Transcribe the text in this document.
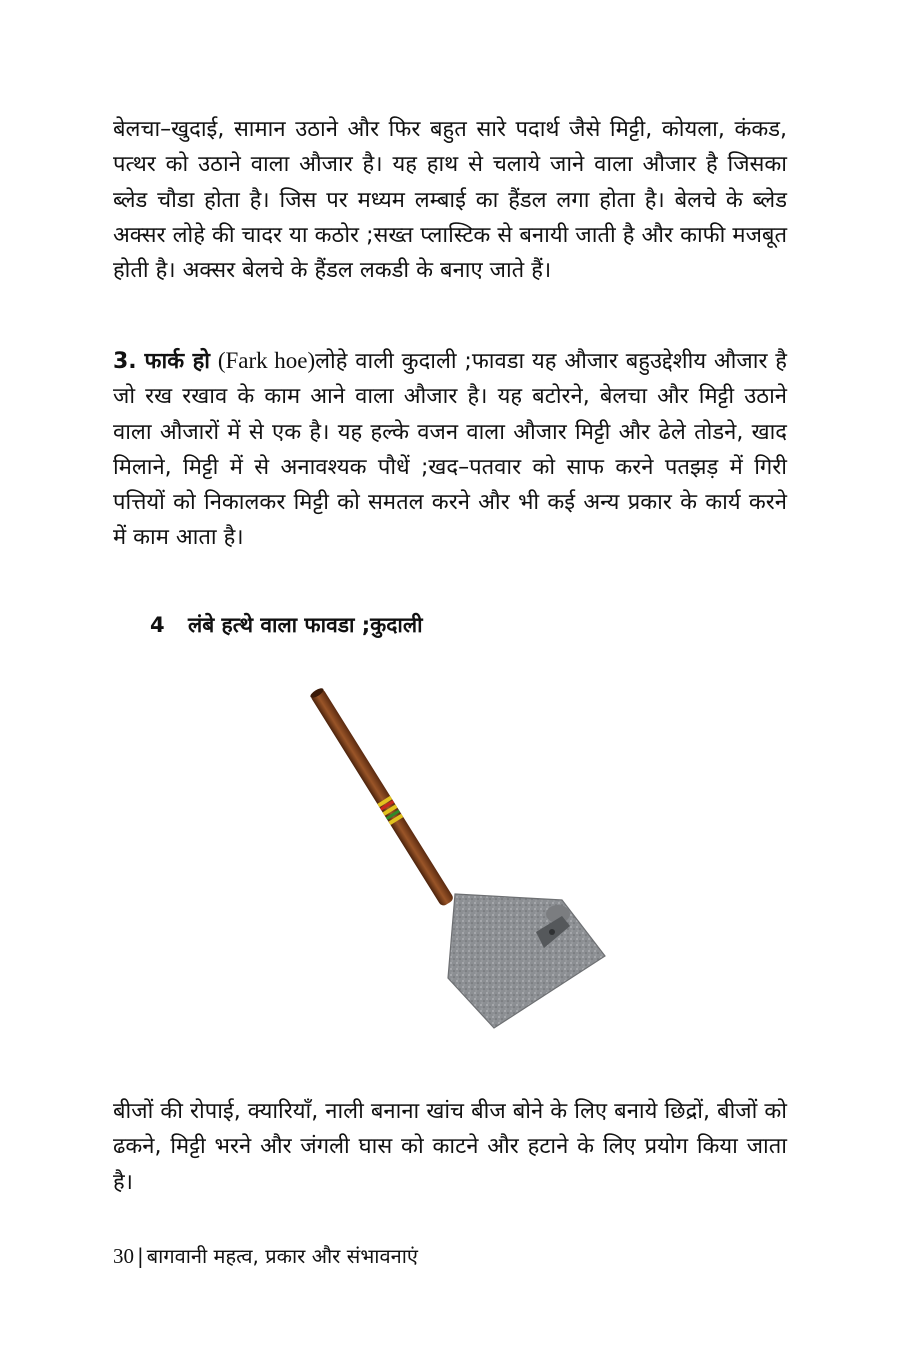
बेलचा–खुदाई, सामान उठाने और फिर बहुत सारे पदार्थ जैसे मिट्टी, कोयला, कंकड, पत्थर को उठाने वाला औजार है। यह हाथ से चलाये जाने वाला औजार है जिसका ब्लेड चौडा होता है। जिस पर मध्यम लम्बाई का हैंडल लगा होता है। बेलचे के ब्लेड अक्सर लोहे की चादर या कठोर ;सख्त प्लास्टिक से बनायी जाती है और काफी मजबूत होती है। अक्सर बेलचे के हैंडल लकडी के बनाए जाते हैं।

3. फार्क हो (Fark hoe)लोहे वाली कुदाली ;फावडा यह औजार बहुउद्देशीय औजार है जो रख रखाव के काम आने वाला औजार है। यह बटोरने, बेलचा और मिट्टी उठाने वाला औजारों में से एक है। यह हल्के वजन वाला औजार मिट्टी और ढेले तोडने, खाद मिलाने, मिट्टी में से अनावश्यक पौधें ;खद–पतवार को साफ करने पतझड़ में गिरी पत्तियों को निकालकर मिट्टी को समतल करने और भी कई अन्य प्रकार के कार्य करने में काम आता है।

4 लंबे हत्थे वाला फावडा ;कुदाली

बीजों की रोपाई, क्यारियाँ, नाली बनाना खांच बीज बोने के लिए बनाये छिद्रों, बीजों को ढकने, मिट्टी भरने और जंगली घास को काटने और हटाने के लिए प्रयोग किया जाता है।

30 | बागवानी महत्व, प्रकार और संभावनाएं
